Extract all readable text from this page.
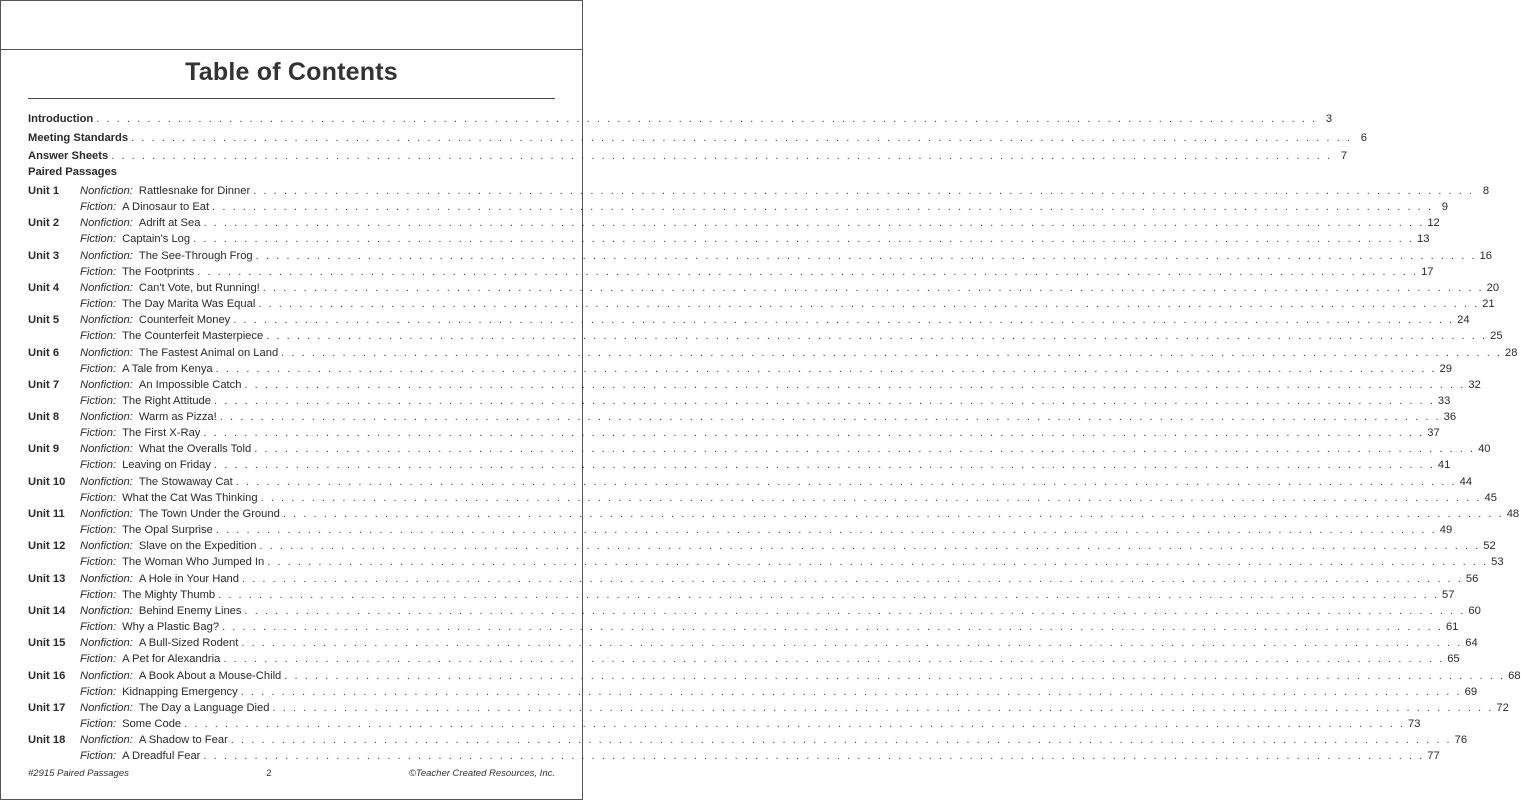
Table of Contents
Introduction . . . . . . . . . . . . . . . . . . . . . . . . . . . . . . . . . . . . . . . . . . . . . . . . . . . . . . . . . . . . . . . . . . . . . . . . . . . . . . . . . . . . . . . . . . . . . . . . . . . . . . . . . . . . . . . . . . . . . . . . 3
Meeting Standards . . . . . . . . . . . . . . . . . . . . . . . . . . . . . . . . . . . . . . . . . . . . . . . . . . . . . . . . . . . . . . . . . . . . . . . . . . . . . . . . . . . . . . . . . . . . . . . . . . . . . . . . . . . . . . . . . . . . . . . . 6
Answer Sheets . . . . . . . . . . . . . . . . . . . . . . . . . . . . . . . . . . . . . . . . . . . . . . . . . . . . . . . . . . . . . . . . . . . . . . . . . . . . . . . . . . . . . . . . . . . . . . . . . . . . . . . . . . . . . . . . . . . . . . . . 7
Paired Passages
Unit 1	Nonfiction: Rattlesnake for Dinner . . . . . . . . . . . . . . . . . . . . . . . . . . . . . . . . . . . . . . . . . . . . . . . . . . . . . . . . . . . . . . . . . . . . . . . . . . . . . . . . . . . . . . . . . . . . . . . . . . . . . . . . . . . . . . . . . . . . . . . . 8
Fiction: A Dinosaur to Eat . . . . . . . . . . . . . . . . . . . . . . . . . . . . . . . . . . . . . . . . . . . . . . . . . . . . . . . . . . . . . . . . . . . . . . . . . . . . . . . . . . . . . . . . . . . . . . . . . . . . . . . . . . . . . . . . . . . . . . . . 9
Unit 2	Nonfiction: Adrift at Sea . . . . . . . . . . . . . . . . . . . . . . . . . . . . . . . . . . . . . . . . . . . . . . . . . . . . . . . . . . . . . . . . . . . . . . . . . . . . . . . . . . . . . . . . . . . . . . . . . . . . . . . . . . . . . . . . . . . . . . . . 12
Fiction: Captain's Log . . . . . . . . . . . . . . . . . . . . . . . . . . . . . . . . . . . . . . . . . . . . . . . . . . . . . . . . . . . . . . . . . . . . . . . . . . . . . . . . . . . . . . . . . . . . . . . . . . . . . . . . . . . . . . . . . . . . . . . . 13
Unit 3	Nonfiction: The See-Through Frog . . . . . . . . . . . . . . . . . . . . . . . . . . . . . . . . . . . . . . . . . . . . . . . . . . . . . . . . . . . . . . . . . . . . . . . . . . . . . . . . . . . . . . . . . . . . . . . . . . . . . . . . . . . . . . . . . . . . . . . . 16
Fiction: The Footprints . . . . . . . . . . . . . . . . . . . . . . . . . . . . . . . . . . . . . . . . . . . . . . . . . . . . . . . . . . . . . . . . . . . . . . . . . . . . . . . . . . . . . . . . . . . . . . . . . . . . . . . . . . . . . . . . . . . . . . . . 17
Unit 4	Nonfiction: Can't Vote, but Running! . . . . . . . . . . . . . . . . . . . . . . . . . . . . . . . . . . . . . . . . . . . . . . . . . . . . . . . . . . . . . . . . . . . . . . . . . . . . . . . . . . . . . . . . . . . . . . . . . . . . . . . . . . . . . . . . . . . . . . . . 20
Fiction: The Day Marita Was Equal . . . . . . . . . . . . . . . . . . . . . . . . . . . . . . . . . . . . . . . . . . . . . . . . . . . . . . . . . . . . . . . . . . . . . . . . . . . . . . . . . . . . . . . . . . . . . . . . . . . . . . . . . . . . . . . . . . . . . . . . 21
Unit 5	Nonfiction: Counterfeit Money . . . . . . . . . . . . . . . . . . . . . . . . . . . . . . . . . . . . . . . . . . . . . . . . . . . . . . . . . . . . . . . . . . . . . . . . . . . . . . . . . . . . . . . . . . . . . . . . . . . . . . . . . . . . . . . . . . . . . . . . 24
Fiction: The Counterfeit Masterpiece . . . . . . . . . . . . . . . . . . . . . . . . . . . . . . . . . . . . . . . . . . . . . . . . . . . . . . . . . . . . . . . . . . . . . . . . . . . . . . . . . . . . . . . . . . . . . . . . . . . . . . . . . . . . . . . . . . . . . . . . 25
Unit 6	Nonfiction: The Fastest Animal on Land . . . . . . . . . . . . . . . . . . . . . . . . . . . . . . . . . . . . . . . . . . . . . . . . . . . . . . . . . . . . . . . . . . . . . . . . . . . . . . . . . . . . . . . . . . . . . . . . . . . . . . . . . . . . . . . . . . . . . . . . 28
Fiction: A Tale from Kenya . . . . . . . . . . . . . . . . . . . . . . . . . . . . . . . . . . . . . . . . . . . . . . . . . . . . . . . . . . . . . . . . . . . . . . . . . . . . . . . . . . . . . . . . . . . . . . . . . . . . . . . . . . . . . . . . . . . . . . . . 29
Unit 7	Nonfiction: An Impossible Catch . . . . . . . . . . . . . . . . . . . . . . . . . . . . . . . . . . . . . . . . . . . . . . . . . . . . . . . . . . . . . . . . . . . . . . . . . . . . . . . . . . . . . . . . . . . . . . . . . . . . . . . . . . . . . . . . . . . . . . . . 32
Fiction: The Right Attitude . . . . . . . . . . . . . . . . . . . . . . . . . . . . . . . . . . . . . . . . . . . . . . . . . . . . . . . . . . . . . . . . . . . . . . . . . . . . . . . . . . . . . . . . . . . . . . . . . . . . . . . . . . . . . . . . . . . . . . . . 33
Unit 8	Nonfiction: Warm as Pizza! . . . . . . . . . . . . . . . . . . . . . . . . . . . . . . . . . . . . . . . . . . . . . . . . . . . . . . . . . . . . . . . . . . . . . . . . . . . . . . . . . . . . . . . . . . . . . . . . . . . . . . . . . . . . . . . . . . . . . . . . 36
Fiction: The First X-Ray . . . . . . . . . . . . . . . . . . . . . . . . . . . . . . . . . . . . . . . . . . . . . . . . . . . . . . . . . . . . . . . . . . . . . . . . . . . . . . . . . . . . . . . . . . . . . . . . . . . . . . . . . . . . . . . . . . . . . . . . 37
Unit 9	Nonfiction: What the Overalls Told . . . . . . . . . . . . . . . . . . . . . . . . . . . . . . . . . . . . . . . . . . . . . . . . . . . . . . . . . . . . . . . . . . . . . . . . . . . . . . . . . . . . . . . . . . . . . . . . . . . . . . . . . . . . . . . . . . . . . . . . 40
Fiction: Leaving on Friday . . . . . . . . . . . . . . . . . . . . . . . . . . . . . . . . . . . . . . . . . . . . . . . . . . . . . . . . . . . . . . . . . . . . . . . . . . . . . . . . . . . . . . . . . . . . . . . . . . . . . . . . . . . . . . . . . . . . . . . . 41
Unit 10	Nonfiction: The Stowaway Cat . . . . . . . . . . . . . . . . . . . . . . . . . . . . . . . . . . . . . . . . . . . . . . . . . . . . . . . . . . . . . . . . . . . . . . . . . . . . . . . . . . . . . . . . . . . . . . . . . . . . . . . . . . . . . . . . . . . . . . . . 44
Fiction: What the Cat Was Thinking . . . . . . . . . . . . . . . . . . . . . . . . . . . . . . . . . . . . . . . . . . . . . . . . . . . . . . . . . . . . . . . . . . . . . . . . . . . . . . . . . . . . . . . . . . . . . . . . . . . . . . . . . . . . . . . . . . . . . . . . 45
Unit 11	Nonfiction: The Town Under the Ground . . . . . . . . . . . . . . . . . . . . . . . . . . . . . . . . . . . . . . . . . . . . . . . . . . . . . . . . . . . . . . . . . . . . . . . . . . . . . . . . . . . . . . . . . . . . . . . . . . . . . . . . . . . . . . . . . . . . . . . . 48
Fiction: The Opal Surprise . . . . . . . . . . . . . . . . . . . . . . . . . . . . . . . . . . . . . . . . . . . . . . . . . . . . . . . . . . . . . . . . . . . . . . . . . . . . . . . . . . . . . . . . . . . . . . . . . . . . . . . . . . . . . . . . . . . . . . . . 49
Unit 12	Nonfiction: Slave on the Expedition . . . . . . . . . . . . . . . . . . . . . . . . . . . . . . . . . . . . . . . . . . . . . . . . . . . . . . . . . . . . . . . . . . . . . . . . . . . . . . . . . . . . . . . . . . . . . . . . . . . . . . . . . . . . . . . . . . . . . . . . 52
Fiction: The Woman Who Jumped In . . . . . . . . . . . . . . . . . . . . . . . . . . . . . . . . . . . . . . . . . . . . . . . . . . . . . . . . . . . . . . . . . . . . . . . . . . . . . . . . . . . . . . . . . . . . . . . . . . . . . . . . . . . . . . . . . . . . . . . . 53
Unit 13	Nonfiction: A Hole in Your Hand . . . . . . . . . . . . . . . . . . . . . . . . . . . . . . . . . . . . . . . . . . . . . . . . . . . . . . . . . . . . . . . . . . . . . . . . . . . . . . . . . . . . . . . . . . . . . . . . . . . . . . . . . . . . . . . . . . . . . . . . 56
Fiction: The Mighty Thumb . . . . . . . . . . . . . . . . . . . . . . . . . . . . . . . . . . . . . . . . . . . . . . . . . . . . . . . . . . . . . . . . . . . . . . . . . . . . . . . . . . . . . . . . . . . . . . . . . . . . . . . . . . . . . . . . . . . . . . . . 57
Unit 14	Nonfiction: Behind Enemy Lines . . . . . . . . . . . . . . . . . . . . . . . . . . . . . . . . . . . . . . . . . . . . . . . . . . . . . . . . . . . . . . . . . . . . . . . . . . . . . . . . . . . . . . . . . . . . . . . . . . . . . . . . . . . . . . . . . . . . . . . . 60
Fiction: Why a Plastic Bag? . . . . . . . . . . . . . . . . . . . . . . . . . . . . . . . . . . . . . . . . . . . . . . . . . . . . . . . . . . . . . . . . . . . . . . . . . . . . . . . . . . . . . . . . . . . . . . . . . . . . . . . . . . . . . . . . . . . . . . . . 61
Unit 15	Nonfiction: A Bull-Sized Rodent . . . . . . . . . . . . . . . . . . . . . . . . . . . . . . . . . . . . . . . . . . . . . . . . . . . . . . . . . . . . . . . . . . . . . . . . . . . . . . . . . . . . . . . . . . . . . . . . . . . . . . . . . . . . . . . . . . . . . . . . 64
Fiction: A Pet for Alexandria . . . . . . . . . . . . . . . . . . . . . . . . . . . . . . . . . . . . . . . . . . . . . . . . . . . . . . . . . . . . . . . . . . . . . . . . . . . . . . . . . . . . . . . . . . . . . . . . . . . . . . . . . . . . . . . . . . . . . . . . 65
Unit 16	Nonfiction: A Book About a Mouse-Child . . . . . . . . . . . . . . . . . . . . . . . . . . . . . . . . . . . . . . . . . . . . . . . . . . . . . . . . . . . . . . . . . . . . . . . . . . . . . . . . . . . . . . . . . . . . . . . . . . . . . . . . . . . . . . . . . . . . . . . . 68
Fiction: Kidnapping Emergency . . . . . . . . . . . . . . . . . . . . . . . . . . . . . . . . . . . . . . . . . . . . . . . . . . . . . . . . . . . . . . . . . . . . . . . . . . . . . . . . . . . . . . . . . . . . . . . . . . . . . . . . . . . . . . . . . . . . . . . . 69
Unit 17	Nonfiction: The Day a Language Died . . . . . . . . . . . . . . . . . . . . . . . . . . . . . . . . . . . . . . . . . . . . . . . . . . . . . . . . . . . . . . . . . . . . . . . . . . . . . . . . . . . . . . . . . . . . . . . . . . . . . . . . . . . . . . . . . . . . . . . . 72
Fiction: Some Code . . . . . . . . . . . . . . . . . . . . . . . . . . . . . . . . . . . . . . . . . . . . . . . . . . . . . . . . . . . . . . . . . . . . . . . . . . . . . . . . . . . . . . . . . . . . . . . . . . . . . . . . . . . . . . . . . . . . . . . . 73
Unit 18	Nonfiction: A Shadow to Fear . . . . . . . . . . . . . . . . . . . . . . . . . . . . . . . . . . . . . . . . . . . . . . . . . . . . . . . . . . . . . . . . . . . . . . . . . . . . . . . . . . . . . . . . . . . . . . . . . . . . . . . . . . . . . . . . . . . . . . . . 76
Fiction: A Dreadful Fear . . . . . . . . . . . . . . . . . . . . . . . . . . . . . . . . . . . . . . . . . . . . . . . . . . . . . . . . . . . . . . . . . . . . . . . . . . . . . . . . . . . . . . . . . . . . . . . . . . . . . . . . . . . . . . . . . . . . . . . . 77
#2915 Paired Passages	2	©Teacher Created Resources, Inc.
